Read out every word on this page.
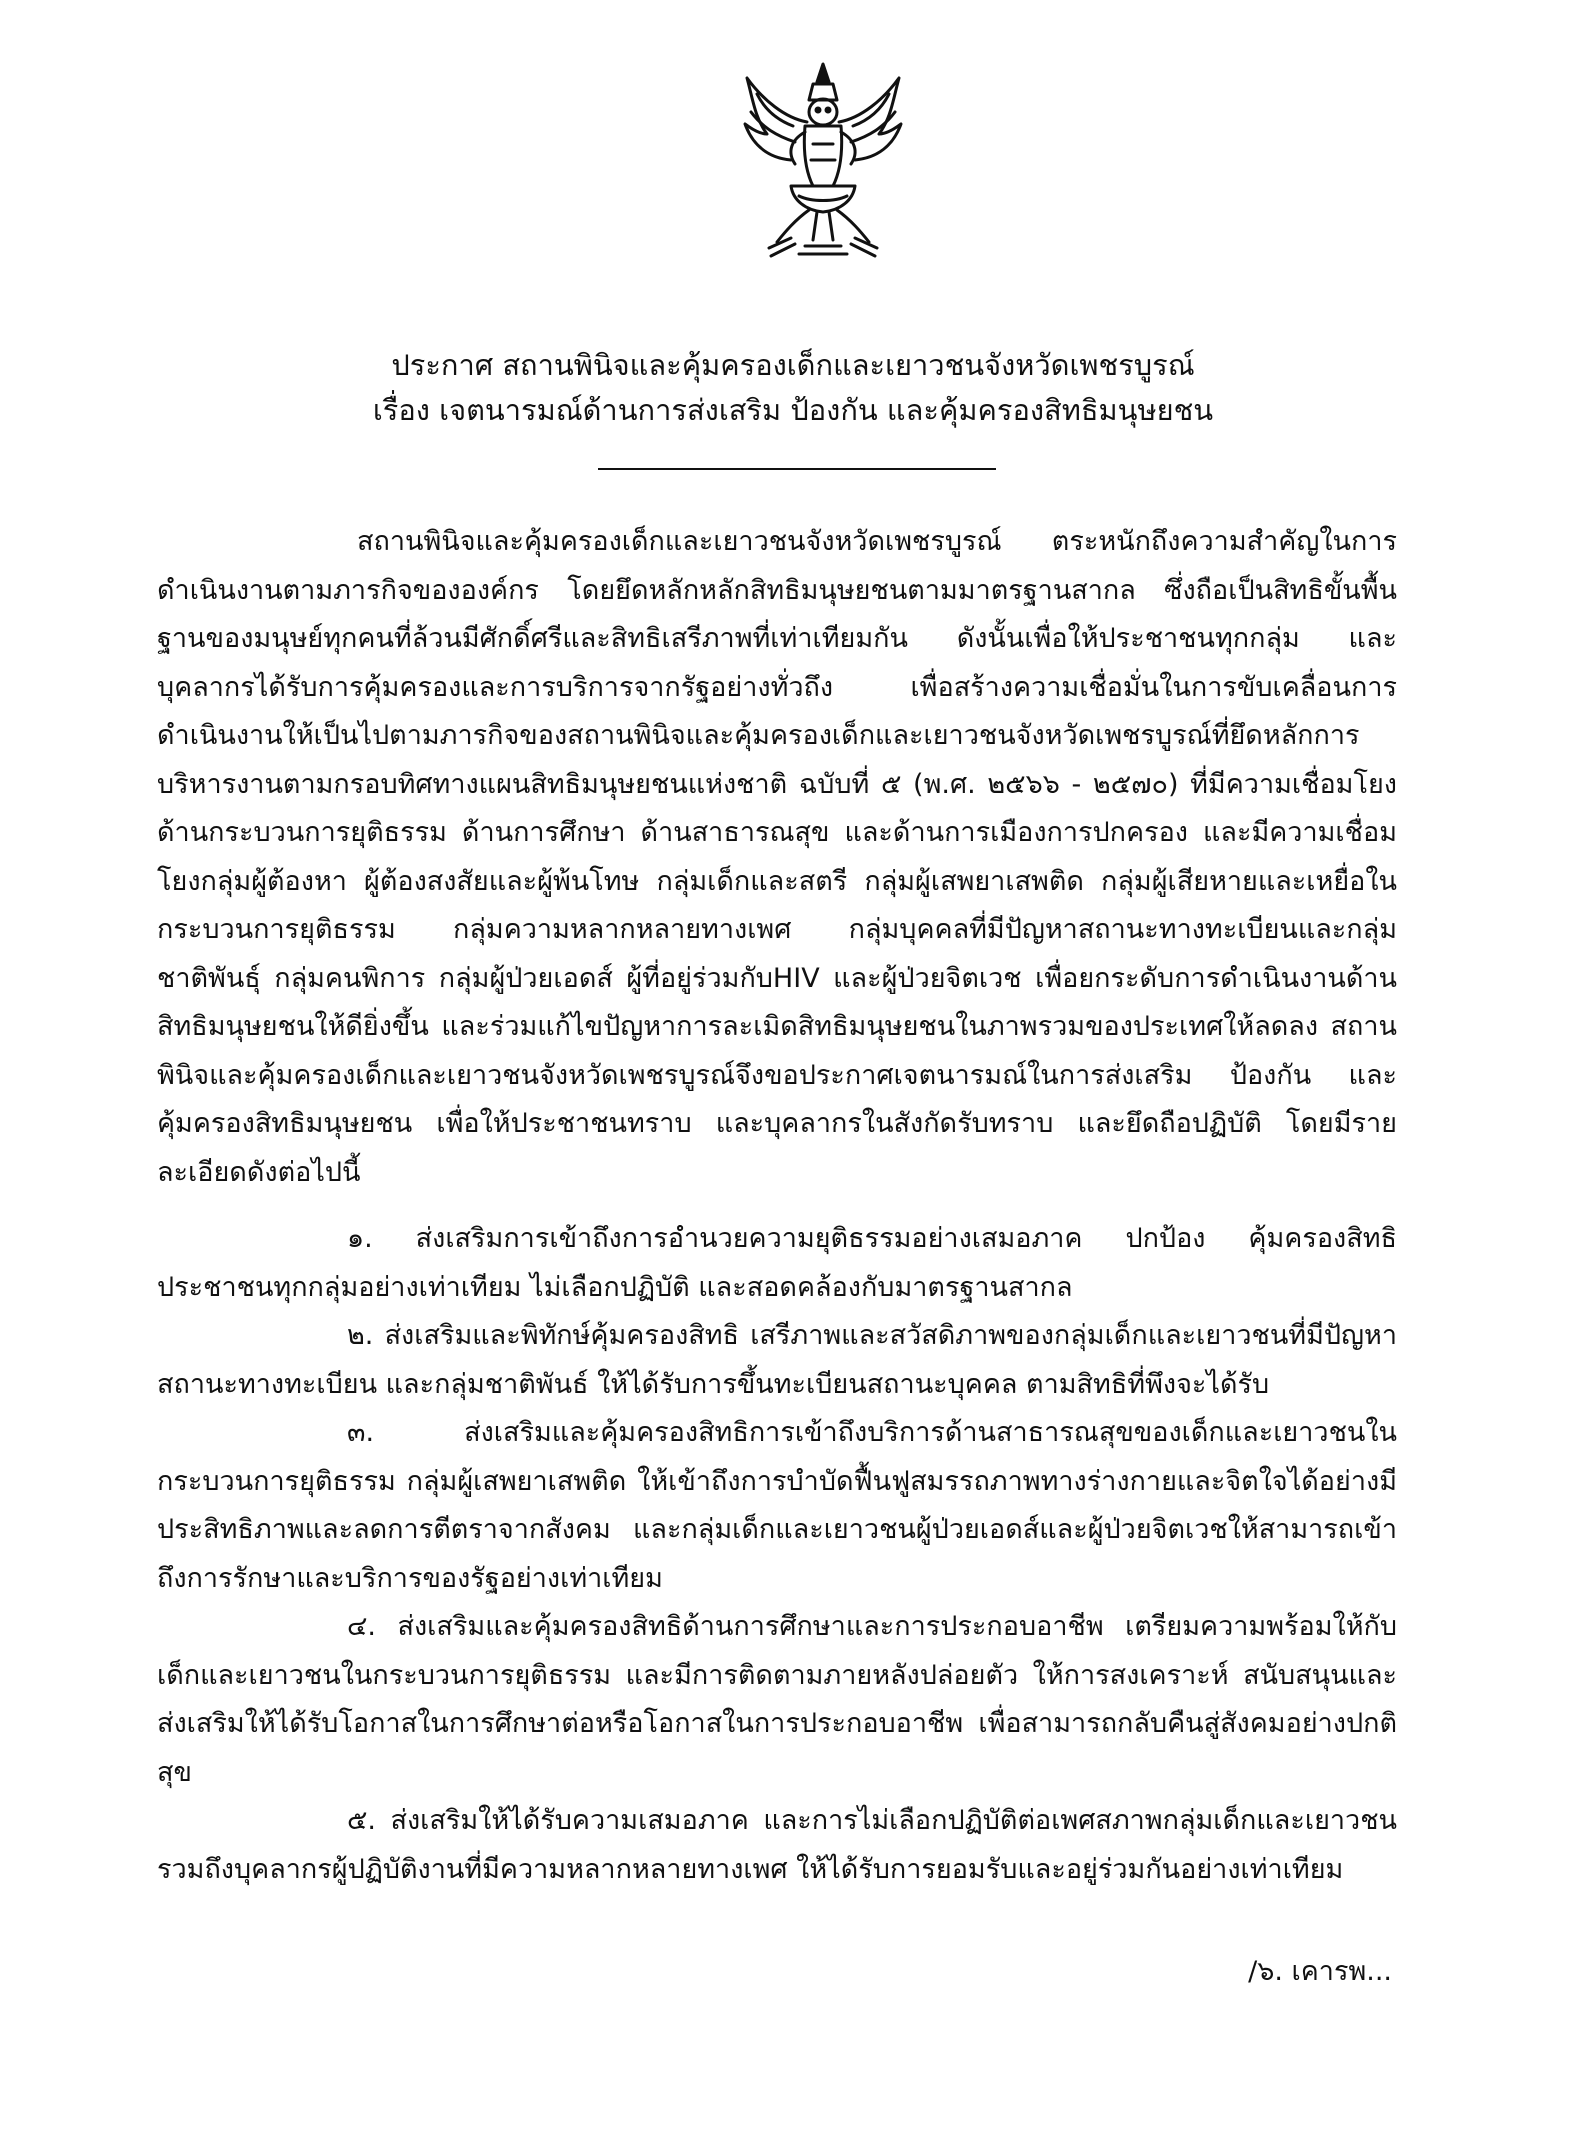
ประกาศ สถานพินิจและคุ้มครองเด็กและเยาวชนจังหวัดเพชรบูรณ์
เรื่อง เจตนารมณ์ด้านการส่งเสริม ป้องกัน และคุ้มครองสิทธิมนุษยชน

สถานพินิจและคุ้มครองเด็กและเยาวชนจังหวัดเพชรบูรณ์ ตระหนักถึงความสำคัญในการดำเนินงานตามภารกิจขององค์กร โดยยึดหลักหลักสิทธิมนุษยชนตามมาตรฐานสากล ซึ่งถือเป็นสิทธิขั้นพื้นฐานของมนุษย์ทุกคนที่ล้วนมีศักดิ์ศรีและสิทธิเสรีภาพที่เท่าเทียมกัน ดังนั้นเพื่อให้ประชาชนทุกกลุ่ม และบุคลากรได้รับการคุ้มครองและการบริการจากรัฐอย่างทั่วถึง เพื่อสร้างความเชื่อมั่นในการขับเคลื่อนการดำเนินงานให้เป็นไปตามภารกิจของสถานพินิจและคุ้มครองเด็กและเยาวชนจังหวัดเพชรบูรณ์ที่ยึดหลักการบริหารงานตามกรอบทิศทางแผนสิทธิมนุษยชนแห่งชาติ ฉบับที่ ๕ (พ.ศ. ๒๕๖๖ - ๒๕๗๐) ที่มีความเชื่อมโยงด้านกระบวนการยุติธรรม ด้านการศึกษา ด้านสาธารณสุข และด้านการเมืองการปกครอง และมีความเชื่อมโยงกลุ่มผู้ต้องหา ผู้ต้องสงสัยและผู้พ้นโทษ กลุ่มเด็กและสตรี กลุ่มผู้เสพยาเสพติด กลุ่มผู้เสียหายและเหยื่อในกระบวนการยุติธรรม กลุ่มความหลากหลายทางเพศ กลุ่มบุคคลที่มีปัญหาสถานะทางทะเบียนและกลุ่มชาติพันธุ์ กลุ่มคนพิการ กลุ่มผู้ป่วยเอดส์ ผู้ที่อยู่ร่วมกับHIV และผู้ป่วยจิตเวช เพื่อยกระดับการดำเนินงานด้านสิทธิมนุษยชนให้ดียิ่งขึ้น และร่วมแก้ไขปัญหาการละเมิดสิทธิมนุษยชนในภาพรวมของประเทศให้ลดลง สถานพินิจและคุ้มครองเด็กและเยาวชนจังหวัดเพชรบูรณ์จึงขอประกาศเจตนารมณ์ในการส่งเสริม ป้องกัน และคุ้มครองสิทธิมนุษยชน เพื่อให้ประชาชนทราบ และบุคลากรในสังกัดรับทราบ และยึดถือปฏิบัติ โดยมีรายละเอียดดังต่อไปนี้

๑. ส่งเสริมการเข้าถึงการอำนวยความยุติธรรมอย่างเสมอภาค ปกป้อง คุ้มครองสิทธิประชาชนทุกกลุ่มอย่างเท่าเทียม ไม่เลือกปฏิบัติ และสอดคล้องกับมาตรฐานสากล

๒. ส่งเสริมและพิทักษ์คุ้มครองสิทธิ เสรีภาพและสวัสดิภาพของกลุ่มเด็กและเยาวชนที่มีปัญหาสถานะทางทะเบียน และกลุ่มชาติพันธ์ ให้ได้รับการขึ้นทะเบียนสถานะบุคคล ตามสิทธิที่พึงจะได้รับ

๓. ส่งเสริมและคุ้มครองสิทธิการเข้าถึงบริการด้านสาธารณสุขของเด็กและเยาวชนในกระบวนการยุติธรรม กลุ่มผู้เสพยาเสพติด ให้เข้าถึงการบำบัดฟื้นฟูสมรรถภาพทางร่างกายและจิตใจได้อย่างมีประสิทธิภาพและลดการตีตราจากสังคม และกลุ่มเด็กและเยาวชนผู้ป่วยเอดส์และผู้ป่วยจิตเวชให้สามารถเข้าถึงการรักษาและบริการของรัฐอย่างเท่าเทียม

๔. ส่งเสริมและคุ้มครองสิทธิด้านการศึกษาและการประกอบอาชีพ เตรียมความพร้อมให้กับเด็กและเยาวชนในกระบวนการยุติธรรม และมีการติดตามภายหลังปล่อยตัว ให้การสงเคราะห์ สนับสนุนและส่งเสริมให้ได้รับโอกาสในการศึกษาต่อหรือโอกาสในการประกอบอาชีพ เพื่อสามารถกลับคืนสู่สังคมอย่างปกติสุข

๕. ส่งเสริมให้ได้รับความเสมอภาค และการไม่เลือกปฏิบัติต่อเพศสภาพกลุ่มเด็กและเยาวชนรวมถึงบุคลากรผู้ปฏิบัติงานที่มีความหลากหลายทางเพศ ให้ได้รับการยอมรับและอยู่ร่วมกันอย่างเท่าเทียม

/๖. เคารพ...
